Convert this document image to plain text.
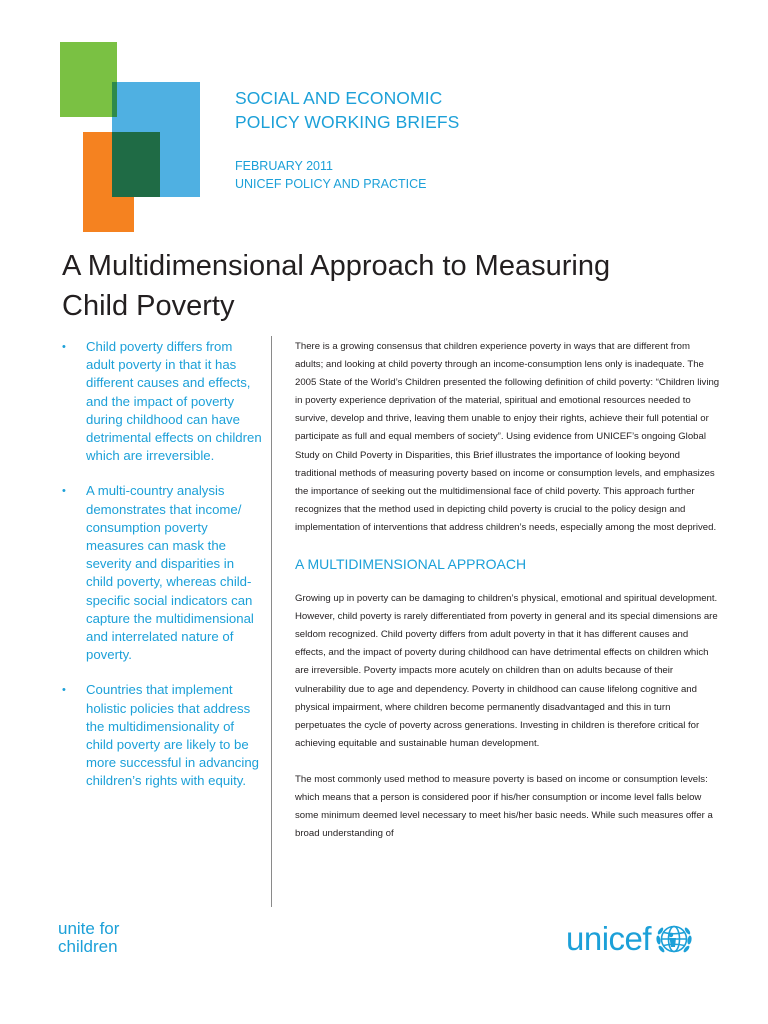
SOCIAL AND ECONOMIC
POLICY WORKING BRIEFS
FEBRUARY 2011
UNICEF POLICY AND PRACTICE
A Multidimensional Approach to Measuring
Child Poverty
• Child poverty differs from adult poverty in that it has different causes and effects, and the impact of poverty during childhood can have detrimental effects on children which are irreversible.
• A multi-country analysis demonstrates that income/ consumption poverty measures can mask the severity and disparities in child poverty, whereas child-specific social indicators can capture the multidimensional and interrelated nature of poverty.
• Countries that implement holistic policies that address the multidimensionality of child poverty are likely to be more successful in advancing children’s rights with equity.

There is a growing consensus that children experience poverty in ways that are different from adults; and looking at child poverty through an income-consumption lens only is inadequate. The 2005 State of the World’s Children presented the following definition of child poverty: “Children living in poverty experience deprivation of the material, spiritual and emotional resources needed to survive, develop and thrive, leaving them unable to enjoy their rights, achieve their full potential or participate as full and equal members of society”. Using evidence from UNICEF’s ongoing Global Study on Child Poverty in Disparities, this Brief illustrates the importance of looking beyond traditional methods of measuring poverty based on income or consumption levels, and emphasizes the importance of seeking out the multidimensional face of child poverty. This approach further recognizes that the method used in depicting child poverty is crucial to the policy design and implementation of interventions that address children’s needs, especially among the most deprived.

A MULTIDIMENSIONAL APPROACH

Growing up in poverty can be damaging to children’s physical, emotional and spiritual development. However, child poverty is rarely differentiated from poverty in general and its special dimensions are seldom recognized. Child poverty differs from adult poverty in that it has different causes and effects, and the impact of poverty during childhood can have detrimental effects on children which are irreversible. Poverty impacts more acutely on children than on adults because of their vulnerability due to age and dependency. Poverty in childhood can cause lifelong cognitive and physical impairment, where children become permanently disadvantaged and this in turn perpetuates the cycle of poverty across generations. Investing in children is therefore critical for achieving equitable and sustainable human development.

The most commonly used method to measure poverty is based on income or consumption levels: which means that a person is considered poor if his/her consumption or income level falls below some minimum deemed level necessary to meet his/her basic needs. While such measures offer a broad understanding of

unite for
children	unicef
